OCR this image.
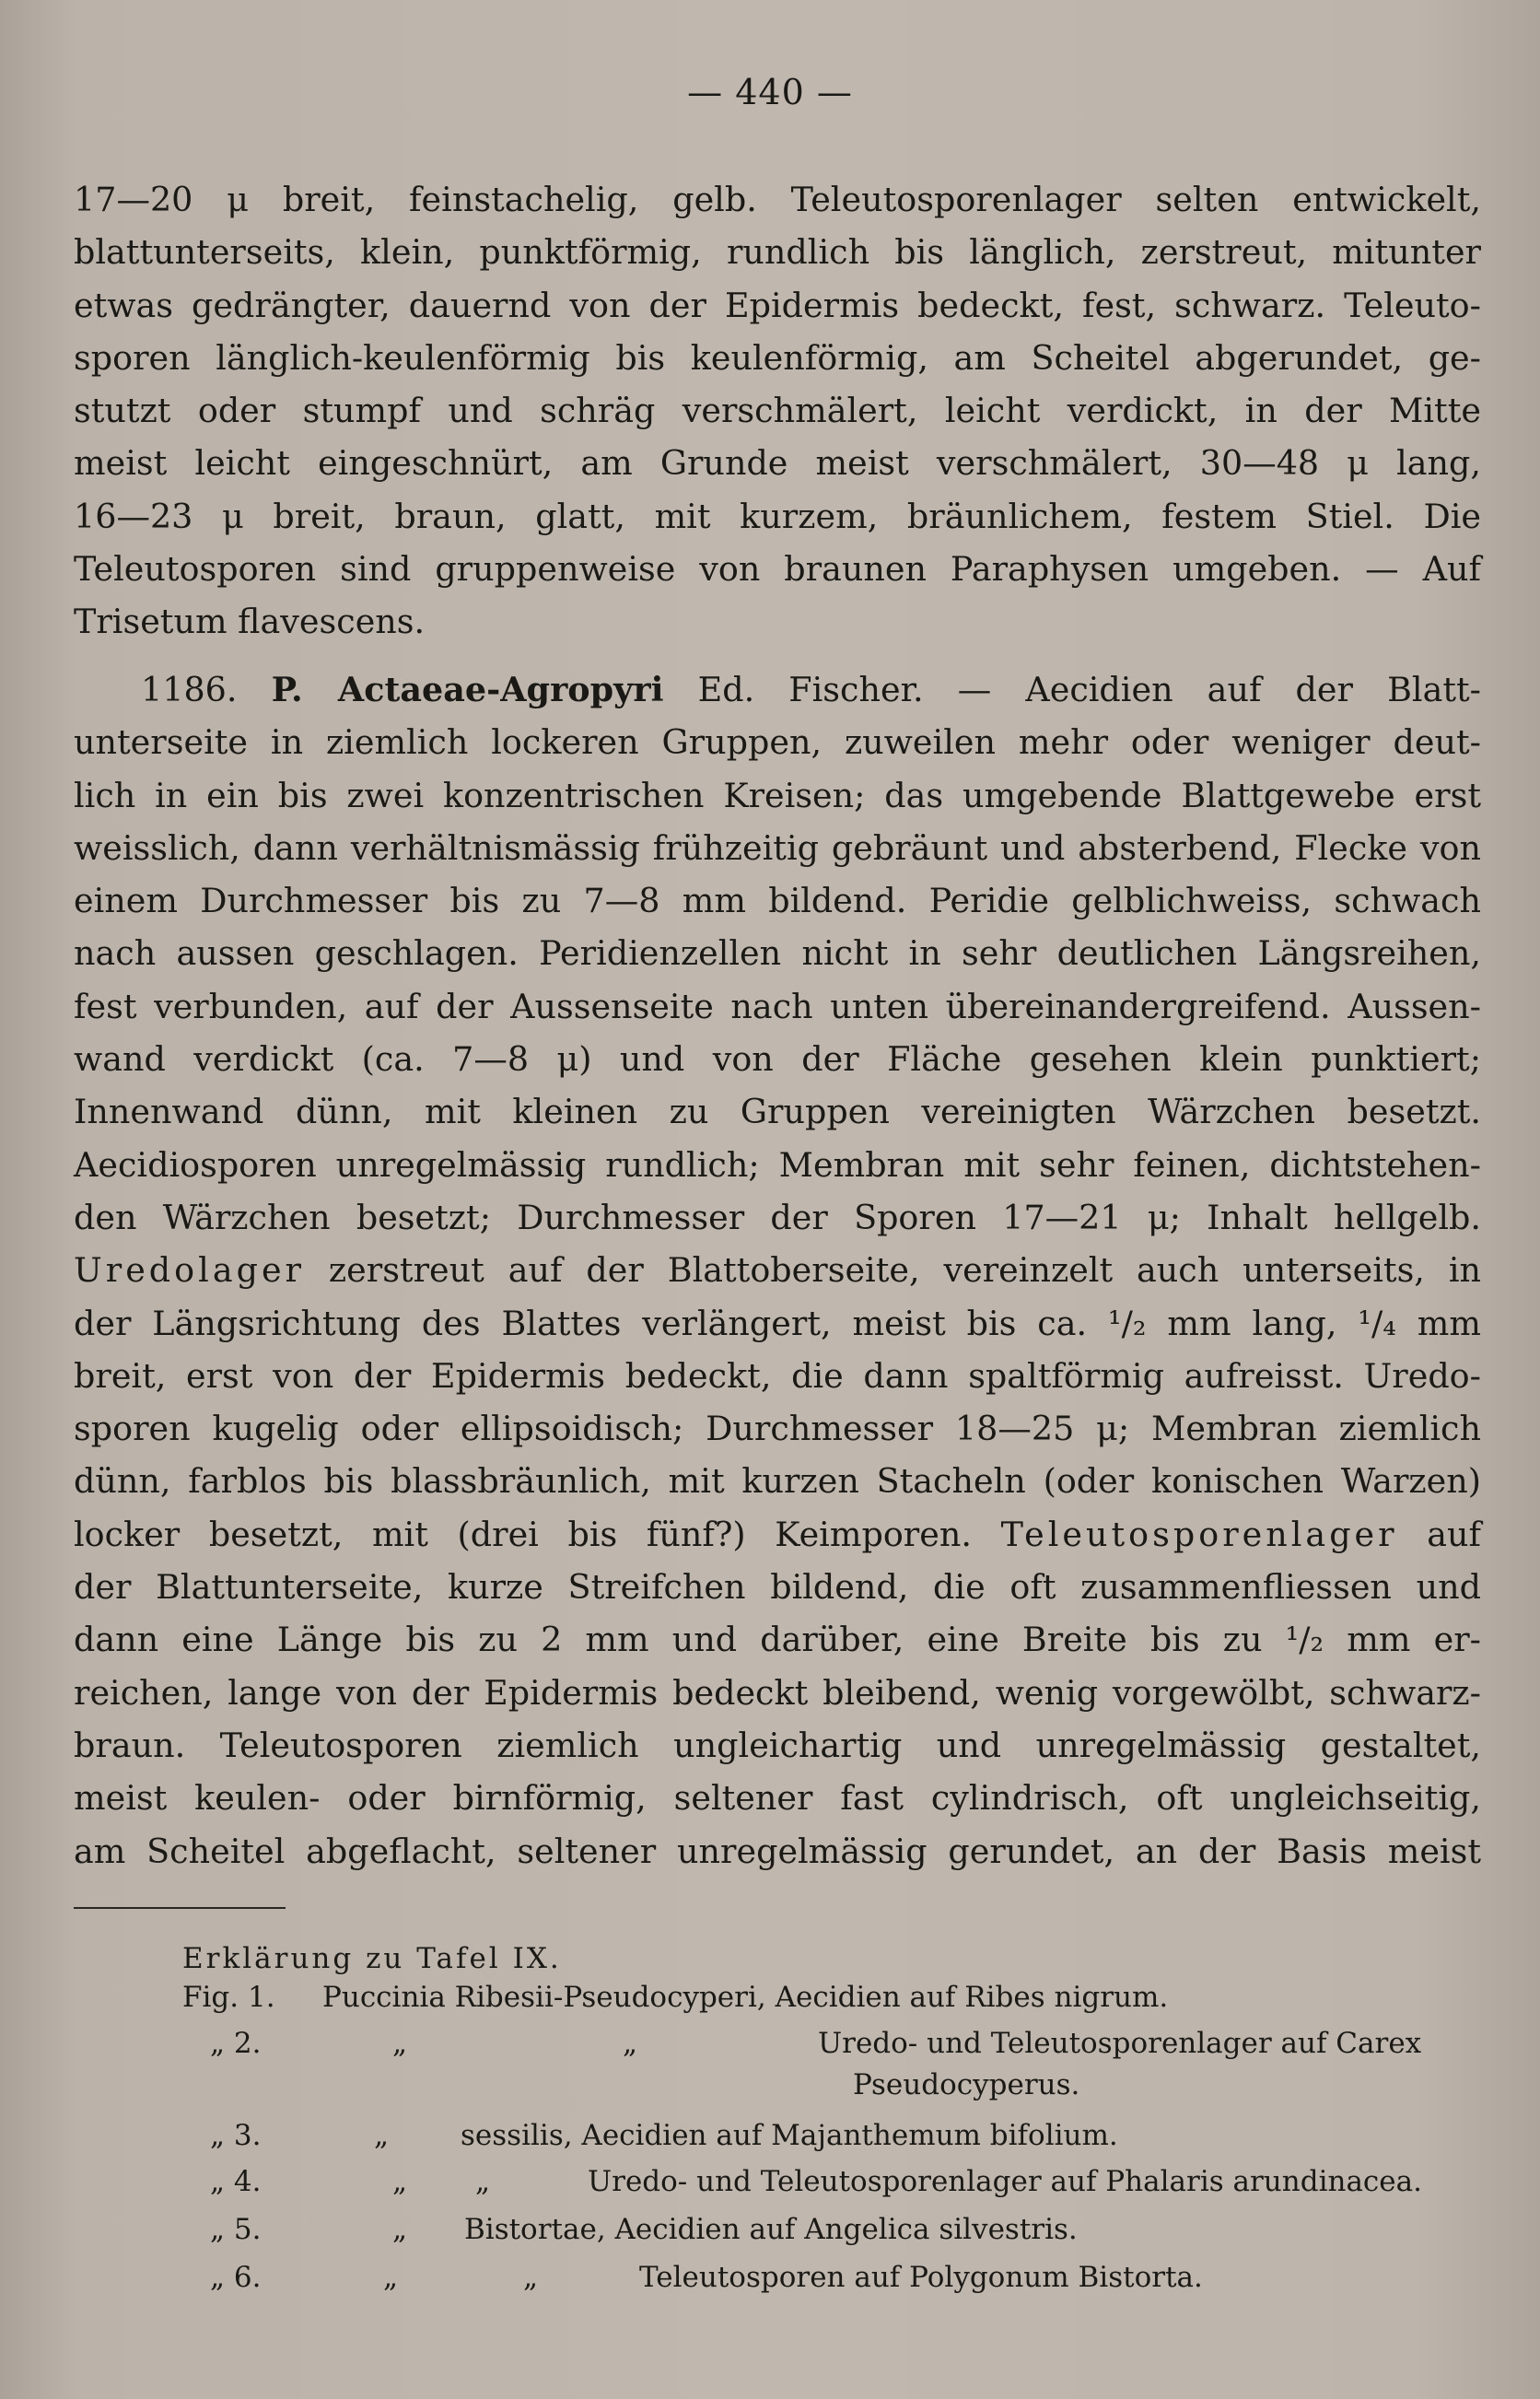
— 440 —
17—20 μ breit, feinstachelig, gelb. Teleutosporenlager selten entwickelt,
blattunterseits, klein, punktförmig, rundlich bis länglich, zerstreut, mitunter
etwas gedrängter, dauernd von der Epidermis bedeckt, fest, schwarz. Teleuto-
sporen länglich-keulenförmig bis keulenförmig, am Scheitel abgerundet, ge-
stutzt oder stumpf und schräg verschmälert, leicht verdickt, in der Mitte
meist leicht eingeschnürt, am Grunde meist verschmälert, 30—48 μ lang,
16—23 μ breit, braun, glatt, mit kurzem, bräunlichem, festem Stiel. Die
Teleutosporen sind gruppenweise von braunen Paraphysen umgeben. — Auf
Trisetum flavescens.
  1186. P. Actaeae-Agropyri Ed. Fischer. — Aecidien auf der Blatt-
unterseite in ziemlich lockeren Gruppen, zuweilen mehr oder weniger deut-
lich in ein bis zwei konzentrischen Kreisen; das umgebende Blattgewebe erst
weisslich, dann verhältnismässig frühzeitig gebräunt und absterbend, Flecke von
einem Durchmesser bis zu 7—8 mm bildend. Peridie gelblichweiss, schwach
nach aussen geschlagen. Peridienzellen nicht in sehr deutlichen Längsreihen,
fest verbunden, auf der Aussenseite nach unten übereinandergreifend. Aussen-
wand verdickt (ca. 7—8 μ) und von der Fläche gesehen klein punktiert;
Innenwand dünn, mit kleinen zu Gruppen vereinigten Wärzchen besetzt.
Aecidiosporen unregelmässig rundlich; Membran mit sehr feinen, dichtstehen-
den Wärzchen besetzt; Durchmesser der Sporen 17—21 μ; Inhalt hellgelb.
Uredolager zerstreut auf der Blattoberseite, vereinzelt auch unterseits, in
der Längsrichtung des Blattes verlängert, meist bis ca. ¹/₂ mm lang, ¹/₄ mm
breit, erst von der Epidermis bedeckt, die dann spaltförmig aufreisst. Uredo-
sporen kugelig oder ellipsoidisch; Durchmesser 18—25 μ; Membran ziemlich
dünn, farblos bis blassbräunlich, mit kurzen Stacheln (oder konischen Warzen)
locker besetzt, mit (drei bis fünf?) Keimporen. Teleutosporenlager auf
der Blattunterseite, kurze Streifchen bildend, die oft zusammenfliessen und
dann eine Länge bis zu 2 mm und darüber, eine Breite bis zu ¹/₂ mm er-
reichen, lange von der Epidermis bedeckt bleibend, wenig vorgewölbt, schwarz-
braun. Teleutosporen ziemlich ungleichartig und unregelmässig gestaltet,
meist keulen- oder birnförmig, seltener fast cylindrisch, oft ungleichseitig,
am Scheitel abgeflacht, seltener unregelmässig gerundet, an der Basis meist
Erklärung zu Tafel IX.
Fig. 1. Puccinia Ribesii-Pseudocyperi, Aecidien auf Ribes nigrum.
„ 2.	„	„	Uredo- und Teleutosporenlager auf Carex
Pseudocyperus.
„ 3.	„	sessilis, Aecidien auf Majanthemum bifolium.
„ 4.	„ „	Uredo- und Teleutosporenlager auf Phalaris arundinacea.
„ 5.	„ Bistortae, Aecidien auf Angelica silvestris.
„ 6.	„	„	Teleutosporen auf Polygonum Bistorta.
